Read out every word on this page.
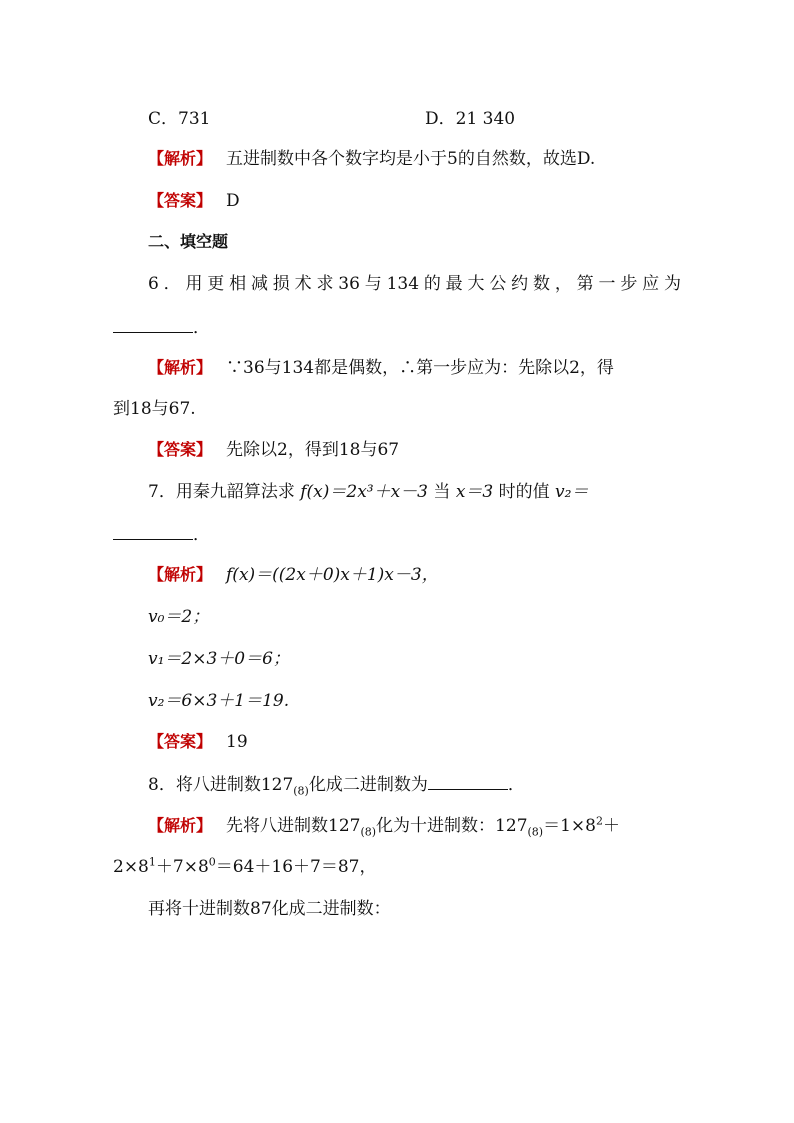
C．731	D．21 340
【解析】 五进制数中各个数字均是小于5的自然数，故选D.
【答案】 D
二、填空题
6．用更相减损术求36与134的最大公约数，第一步应为
．
【解析】 ∵36与134都是偶数，∴第一步应为：先除以2，得
到18与67.
【答案】 先除以2，得到18与67
7．用秦九韶算法求 f(x)＝2x³＋x－3 当 x＝3 时的值 v₂＝
．
【解析】 f(x)＝((2x＋0)x＋1)x－3，
v₀＝2；
v₁＝2×3＋0＝6；
v₂＝6×3＋1＝19.
【答案】 19
8．将八进制数$127_{(8)}$化成二进制数为	．
【解析】 先将八进制数$127_{(8)}$化为十进制数：$127_{(8)}=1\times 8^2+$
$2\times 8^1+7\times 8^0=64+16+7=87$，
再将十进制数87化成二进制数：
